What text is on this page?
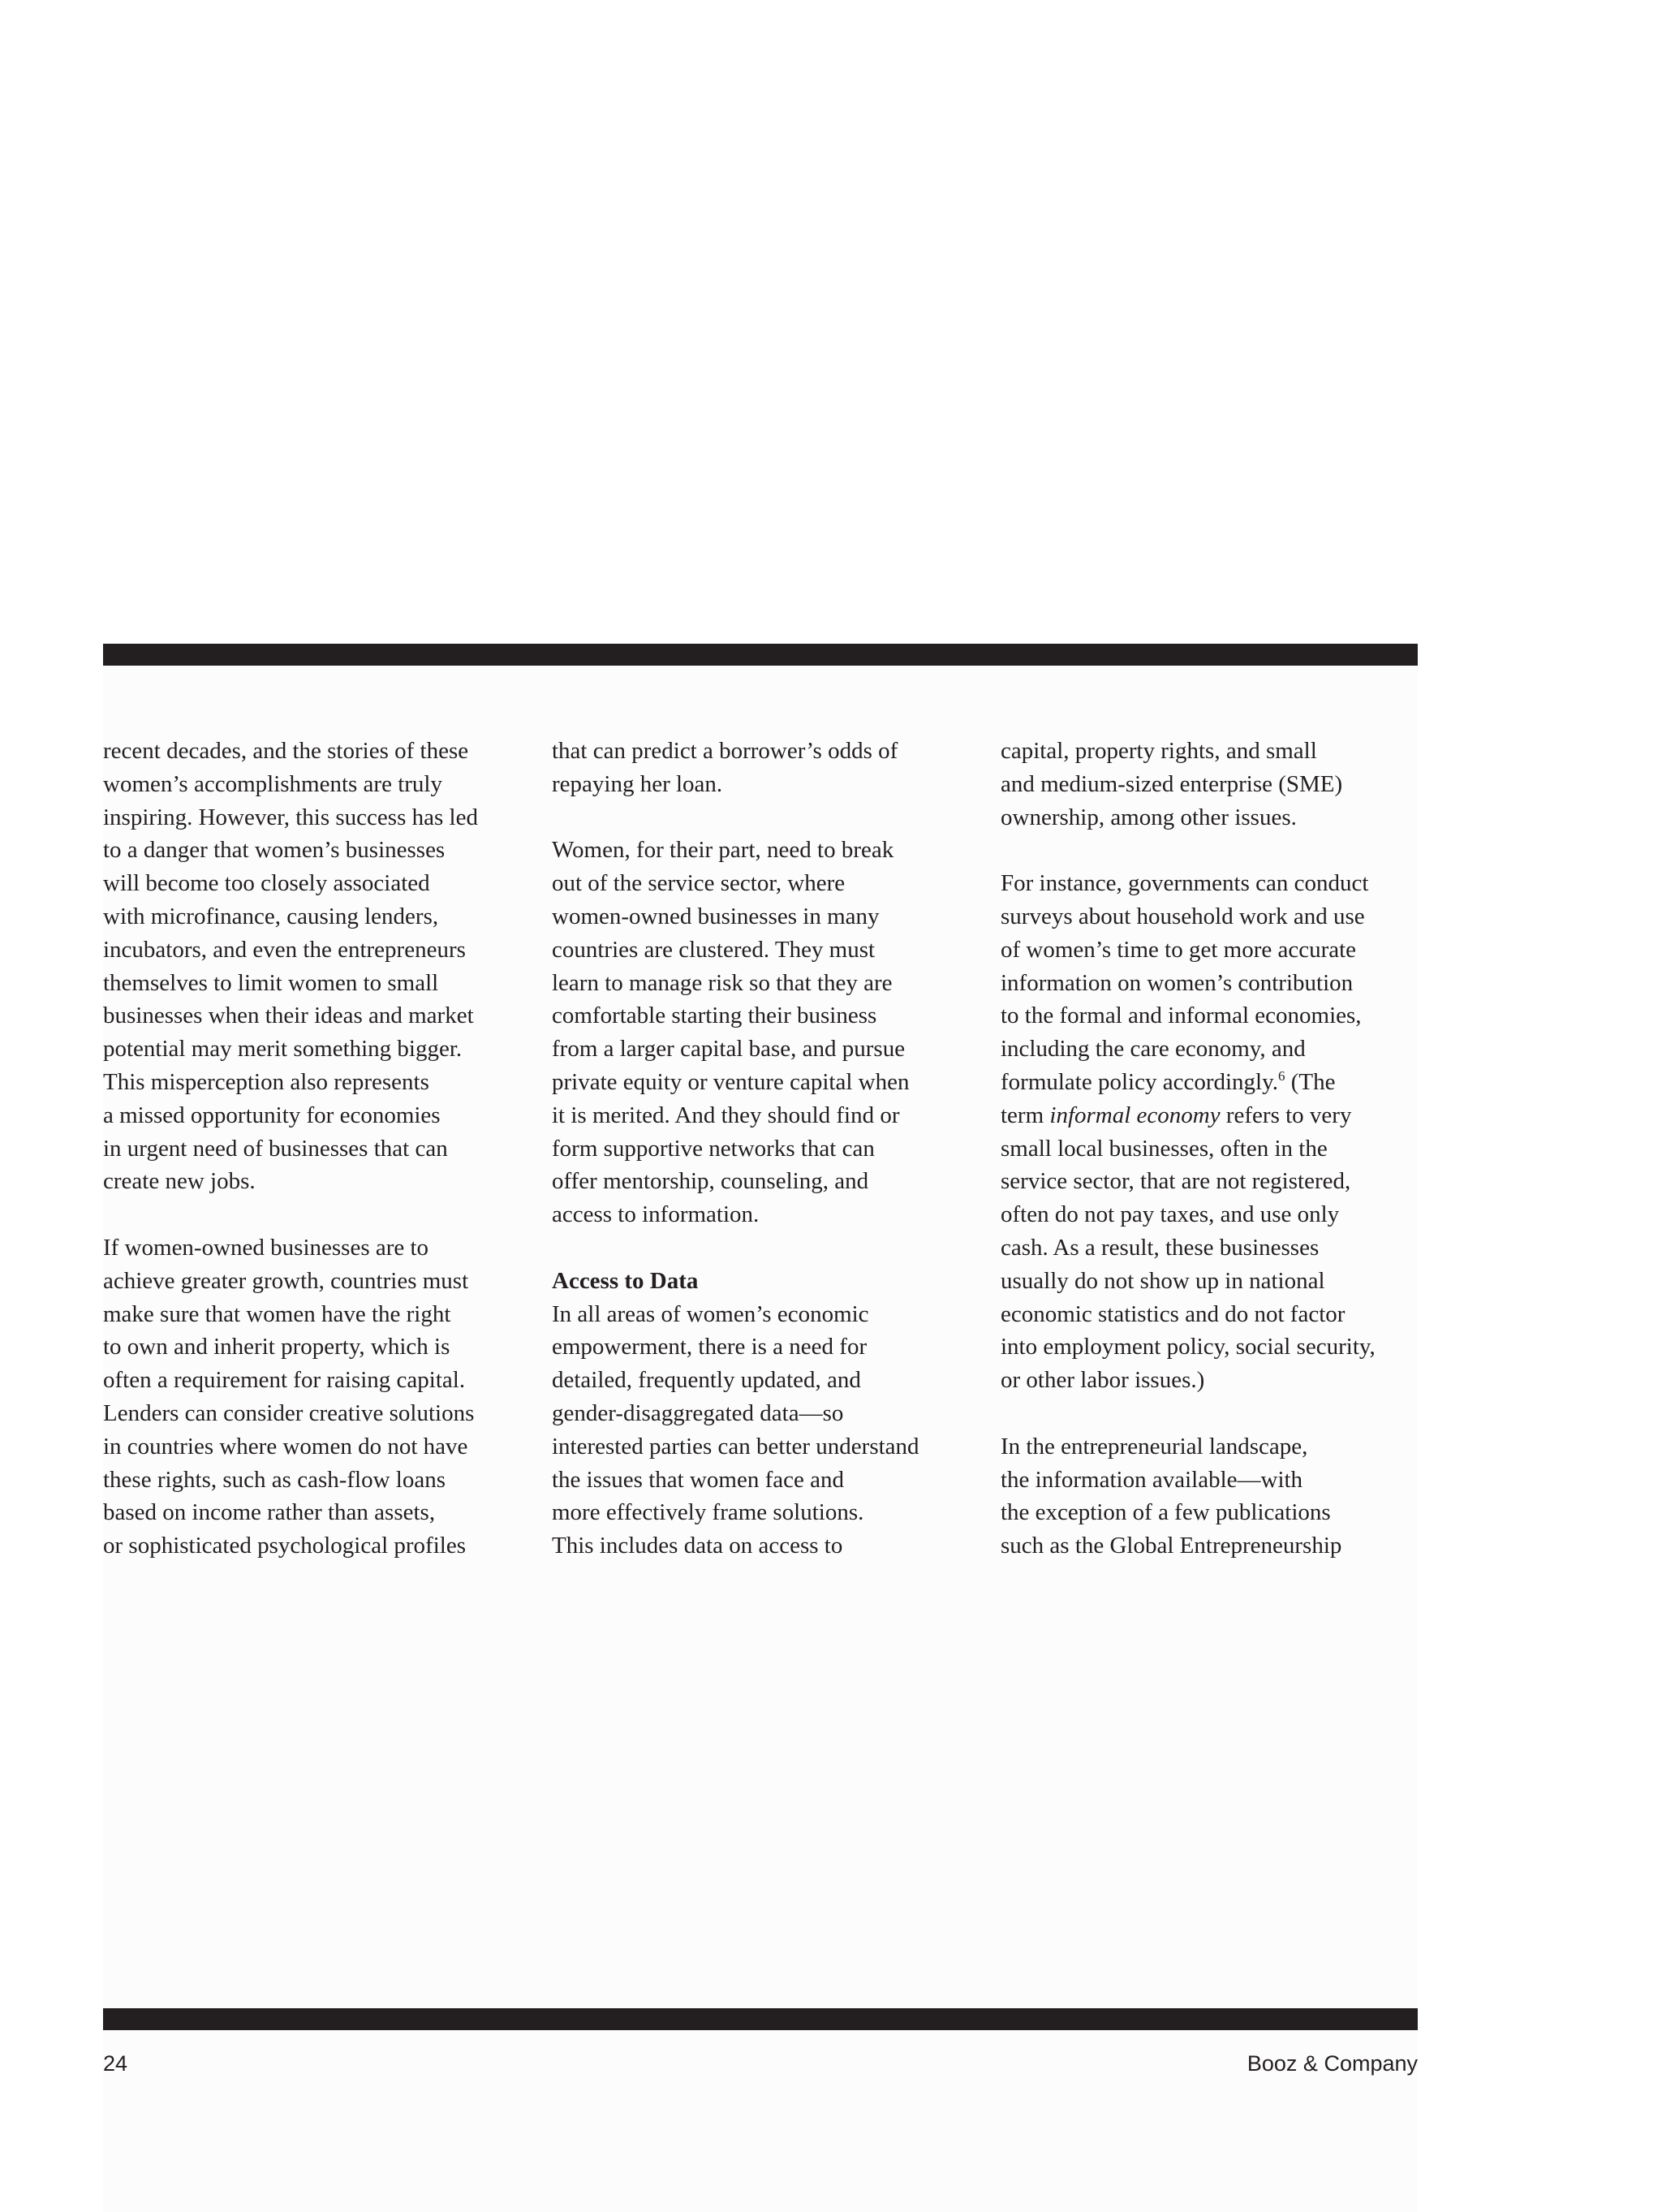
recent decades, and the stories of these
women’s accomplishments are truly
inspiring. However, this success has led
to a danger that women’s businesses
will become too closely associated
with microfinance, causing lenders,
incubators, and even the entrepreneurs
themselves to limit women to small
businesses when their ideas and market
potential may merit something bigger.
This misperception also represents
a missed opportunity for economies
in urgent need of businesses that can
create new jobs.
If women-owned businesses are to
achieve greater growth, countries must
make sure that women have the right
to own and inherit property, which is
often a requirement for raising capital.
Lenders can consider creative solutions
in countries where women do not have
these rights, such as cash-flow loans
based on income rather than assets,
or sophisticated psychological profiles
that can predict a borrower’s odds of
repaying her loan.
Women, for their part, need to break
out of the service sector, where
women-owned businesses in many
countries are clustered. They must
learn to manage risk so that they are
comfortable starting their business
from a larger capital base, and pursue
private equity or venture capital when
it is merited. And they should find or
form supportive networks that can
offer mentorship, counseling, and
access to information.
Access to Data
In all areas of women’s economic
empowerment, there is a need for
detailed, frequently updated, and
gender-disaggregated data—so
interested parties can better understand
the issues that women face and
more effectively frame solutions.
This includes data on access to
capital, property rights, and small
and medium-sized enterprise (SME)
ownership, among other issues.
For instance, governments can conduct
surveys about household work and use
of women’s time to get more accurate
information on women’s contribution
to the formal and informal economies,
including the care economy, and
formulate policy accordingly.$^6$ (The
term informal economy refers to very
small local businesses, often in the
service sector, that are not registered,
often do not pay taxes, and use only
cash. As a result, these businesses
usually do not show up in national
economic statistics and do not factor
into employment policy, social security,
or other labor issues.)
In the entrepreneurial landscape,
the information available—with
the exception of a few publications
such as the Global Entrepreneurship
24	Booz & Company
